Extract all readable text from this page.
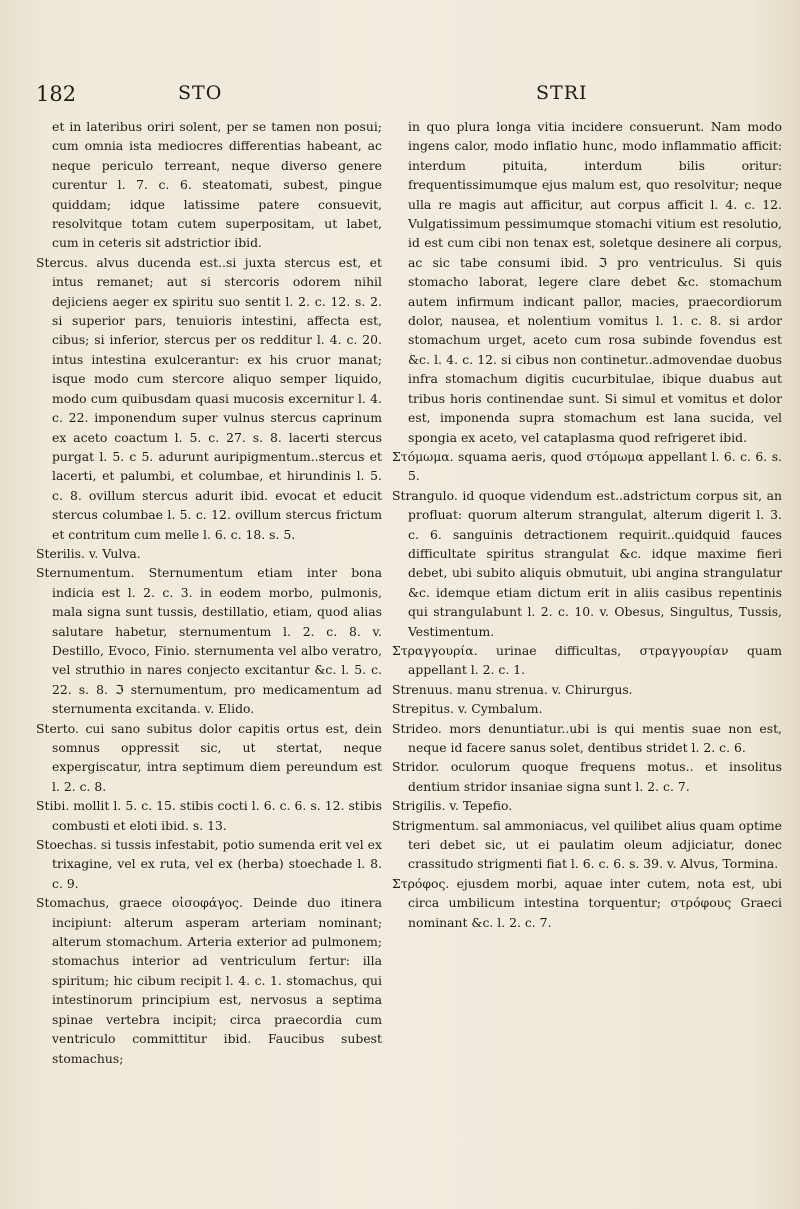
182	STO	STRI
et in lateribus oriri solent, per se tamen non posui; cum omnia ista mediocres differentias habeant, ac neque periculo terreant, neque diverso genere curentur l. 7. c. 6. steatomati, subest, pingue quiddam; idque latissime patere consuevit, resolvitque totam cutem superpositam, ut labet, cum in ceteris sit adstrictior ibid.
Stercus. alvus ducenda est..si juxta stercus est, et intus remanet; aut si stercoris odorem nihil dejiciens aeger ex spiritu suo sentit l. 2. c. 12. s. 2. si superior pars, tenuioris intestini, affecta est, cibus; si inferior, stercus per os redditur l. 4. c. 20. intus intestina exulcerantur: ex his cruor manat; isque modo cum stercore aliquo semper liquido, modo cum quibusdam quasi mucosis excernitur l. 4. c. 22. imponendum super vulnus stercus caprinum ex aceto coactum l. 5. c. 27. s. 8. lacerti stercus purgat l. 5. c 5. adurunt auripigmentum..stercus et lacerti, et palumbi, et columbae, et hirundinis l. 5. c. 8. ovillum stercus adurit ibid. evocat et educit stercus columbae l. 5. c. 12. ovillum stercus frictum et contritum cum melle l. 6. c. 18. s. 5.
Sterilis. v. Vulva.
Sternumentum. Sternumentum etiam inter bona indicia est l. 2. c. 3. in eodem morbo, pulmonis, mala signa sunt tussis, destillatio, etiam, quod alias salutare habetur, sternumentum l. 2. c. 8. v. Destillo, Evoco, Finio. sternumenta vel albo veratro, vel struthio in nares conjecto excitantur &c. l. 5. c. 22. s. 8. ℑ sternumentum, pro medicamentum ad sternumenta excitanda. v. Elido.
Sterto. cui sano subitus dolor capitis ortus est, dein somnus oppressit sic, ut stertat, neque expergiscatur, intra septimum diem pereundum est l. 2. c. 8.
Stibi. mollit l. 5. c. 15. stibis cocti l. 6. c. 6. s. 12. stibis combusti et eloti ibid. s. 13.
Stoechas. si tussis infestabit, potio sumenda erit vel ex trixagine, vel ex ruta, vel ex (herba) stoechade l. 8. c. 9.
Stomachus, graece οἰσοφάγος. Deinde duo itinera incipiunt: alterum asperam arteriam nominant; alterum stomachum. Arteria exterior ad pulmonem; stomachus interior ad ventriculum fertur: illa spiritum; hic cibum recipit l. 4. c. 1. stomachus, qui intestinorum principium est, nervosus a septima spinae vertebra incipit; circa praecordia cum ventriculo committitur ibid. Faucibus subest stomachus;
in quo plura longa vitia incidere consuerunt. Nam modo ingens calor, modo inflatio hunc, modo inflammatio afficit: interdum pituita, interdum bilis oritur: frequentissimumque ejus malum est, quo resolvitur; neque ulla re magis aut afficitur, aut corpus afficit l. 4. c. 12. Vulgatissimum pessimumque stomachi vitium est resolutio, id est cum cibi non tenax est, soletque desinere ali corpus, ac sic tabe consumi ibid. ℑ pro ventriculus. Si quis stomacho laborat, legere clare debet &c. stomachum autem infirmum indicant pallor, macies, praecordiorum dolor, nausea, et nolentium vomitus l. 1. c. 8. si ardor stomachum urget, aceto cum rosa subinde fovendus est &c. l. 4. c. 12. si cibus non continetur..admovendae duobus infra stomachum digitis cucurbitulae, ibique duabus aut tribus horis continendae sunt. Si simul et vomitus et dolor est, imponenda supra stomachum est lana sucida, vel spongia ex aceto, vel cataplasma quod refrigeret ibid.
Στόμωμα. squama aeris, quod στόμωμα appellant l. 6. c. 6. s. 5.
Strangulo. id quoque videndum est..adstrictum corpus sit, an profluat: quorum alterum strangulat, alterum digerit l. 3. c. 6. sanguinis detractionem requirit..quidquid fauces difficultate spiritus strangulat &c. idque maxime fieri debet, ubi subito aliquis obmutuit, ubi angina strangulatur &c. idemque etiam dictum erit in aliis casibus repentinis qui strangulabunt l. 2. c. 10. v. Obesus, Singultus, Tussis, Vestimentum.
Στραγγουρία. urinae difficultas, στραγγουρίαν quam appellant l. 2. c. 1.
Strenuus. manu strenua. v. Chirurgus.
Strepitus. v. Cymbalum.
Strideo. mors denuntiatur..ubi is qui mentis suae non est, neque id facere sanus solet, dentibus stridet l. 2. c. 6.
Stridor. oculorum quoque frequens motus.. et insolitus dentium stridor insaniae signa sunt l. 2. c. 7.
Strigilis. v. Tepefio.
Strigmentum. sal ammoniacus, vel quilibet alius quam optime teri debet sic, ut ei paulatim oleum adjiciatur, donec crassitudo strigmenti fiat l. 6. c. 6. s. 39. v. Alvus, Tormina.
Στρόφος. ejusdem morbi, aquae inter cutem, nota est, ubi circa umbilicum intestina torquentur; στρόφους Graeci nominant &c. l. 2. c. 7.
